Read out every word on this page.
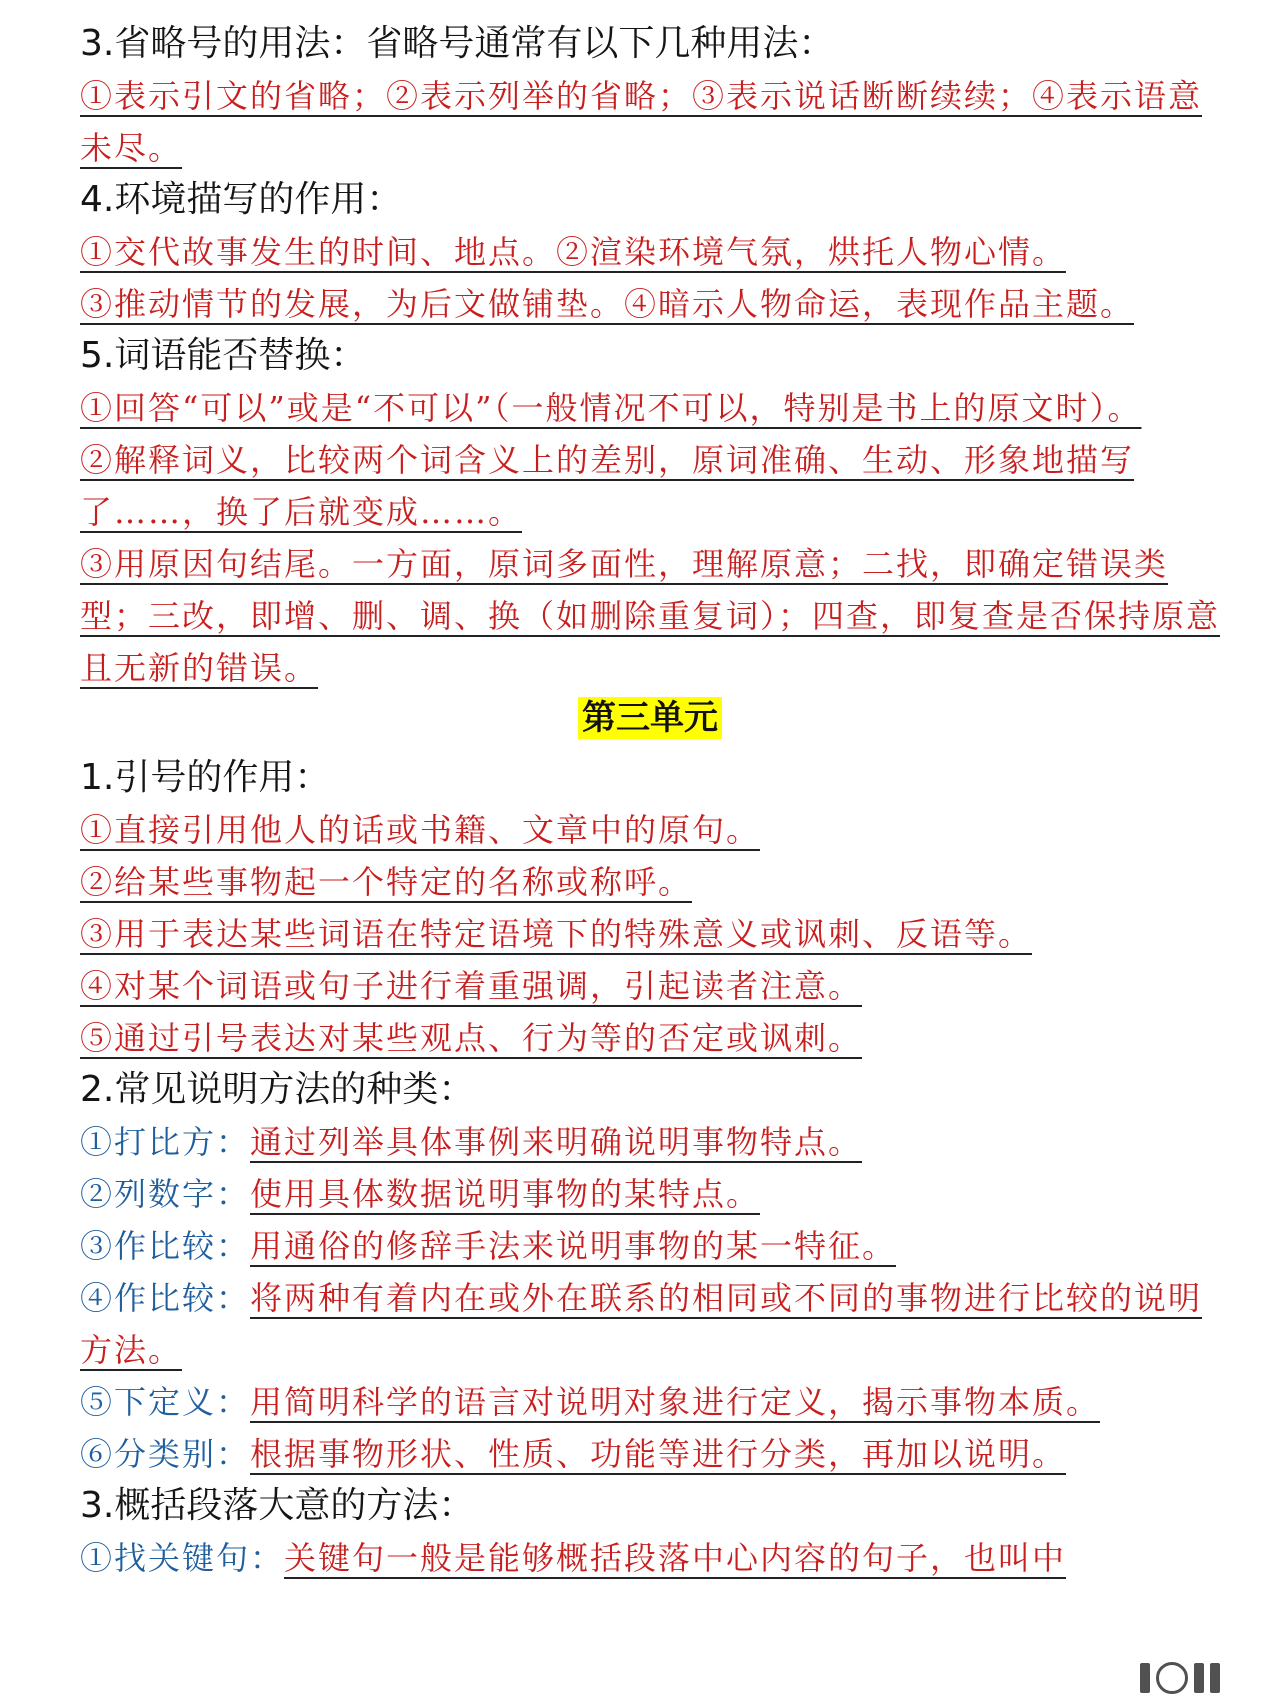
3.省略号的用法：省略号通常有以下几种用法：

①表示引文的省略；②表示列举的省略；③表示说话断断续续；④表示语意未尽。

4.环境描写的作用：

①交代故事发生的时间、地点。②渲染环境气氛，烘托人物心情。

③推动情节的发展，为后文做铺垫。④暗示人物命运，表现作品主题。

5.词语能否替换：

①回答“可以”或是“不可以”（一般情况不可以，特别是书上的原文时）。

②解释词义，比较两个词含义上的差别，原词准确、生动、形象地描写了……，换了后就变成……。

③用原因句结尾。一方面，原词多面性，理解原意；二找，即确定错误类型；三改，即增、删、调、换（如删除重复词）；四查，即复查是否保持原意且无新的错误。

第三单元
1.引号的作用：

①直接引用他人的话或书籍、文章中的原句。

②给某些事物起一个特定的名称或称呼。

③用于表达某些词语在特定语境下的特殊意义或讽刺、反语等。

④对某个词语或句子进行着重强调，引起读者注意。

⑤通过引号表达对某些观点、行为等的否定或讽刺。

2.常见说明方法的种类：

①打比方：通过列举具体事例来明确说明事物特点。

②列数字：使用具体数据说明事物的某特点。

③作比较：用通俗的修辞手法来说明事物的某一特征。

④作比较：将两种有着内在或外在联系的相同或不同的事物进行比较的说明方法。

⑤下定义：用简明科学的语言对说明对象进行定义，揭示事物本质。

⑥分类别：根据事物形状、性质、功能等进行分类，再加以说明。

3.概括段落大意的方法：

①找关键句：关键句一般是能够概括段落中心内容的句子，也叫中
